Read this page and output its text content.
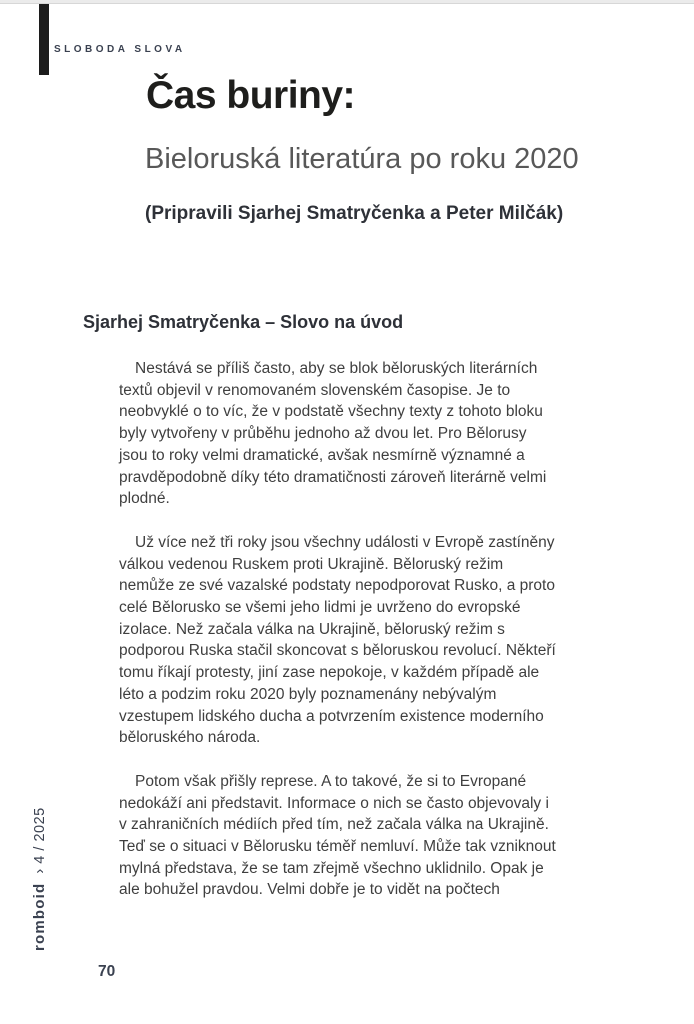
SLOBODA SLOVA
Čas buriny:
Bieloruská literatúra po roku 2020
(Pripravili Sjarhej Smatryčenka a Peter Milčák)
Sjarhej Smatryčenka – Slovo na úvod

Nestává se příliš často, aby se blok běloruských literárních textů objevil v renomovaném slovenském časopise. Je to neobvyklé o to víc, že v podstatě všechny texty z tohoto bloku byly vytvořeny v průběhu jednoho až dvou let. Pro Bělorusy jsou to roky velmi dramatické, avšak nesmírně významné a pravděpodobně díky této dramatičnosti zároveň literárně velmi plodné.

Už více než tři roky jsou všechny události v Evropě zastíněny válkou vedenou Ruskem proti Ukrajině. Běloruský režim nemůže ze své vazalské podstaty nepodporovat Rusko, a proto celé Bělorusko se všemi jeho lidmi je uvrženo do evropské izolace. Než začala válka na Ukrajině, běloruský režim s podporou Ruska stačil skoncovat s běloruskou revolucí. Někteří tomu říkají protesty, jiní zase nepokoje, v každém případě ale léto a podzim roku 2020 byly poznamenány nebývalým vzestupem lidského ducha a potvrzením existence moderního běloruského národa.

Potom však přišly represe. A to takové, že si to Evropané nedokáží ani představit. Informace o nich se často objevovaly i v zahraničních médiích před tím, než začala válka na Ukrajině. Teď se o situaci v Bělorusku téměř nemluví. Může tak vzniknout mylná představa, že se tam zřejmě všechno uklidnilo. Opak je ale bohužel pravdou. Velmi dobře je to vidět na počtech

romboid › 4 / 2025
70
